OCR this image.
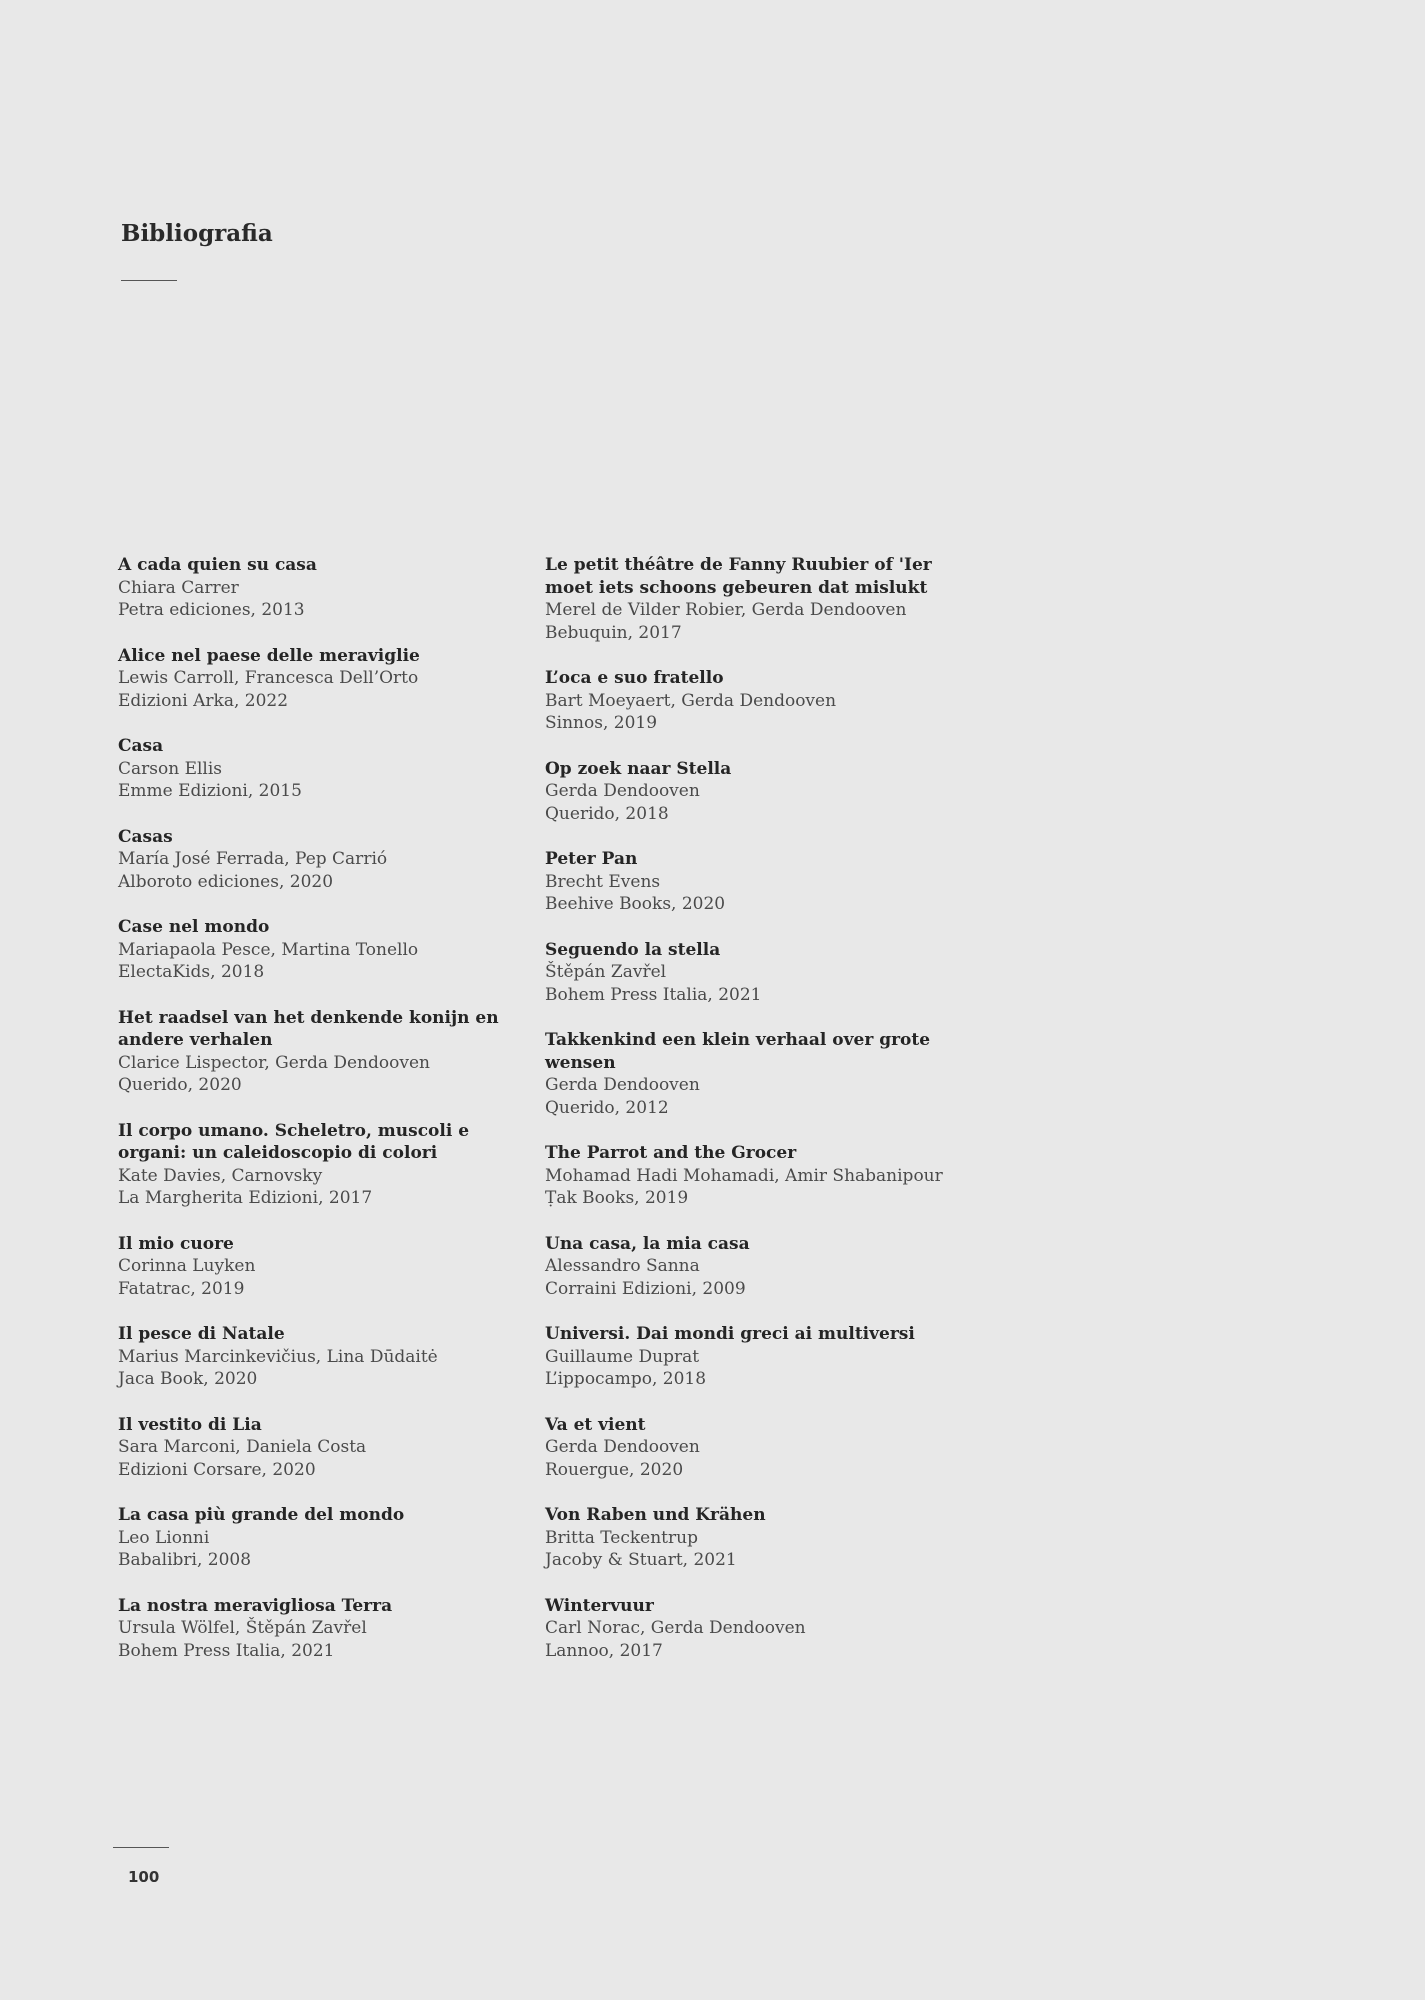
Bibliografia
A cada quien su casa
Chiara Carrer
Petra ediciones, 2013
Alice nel paese delle meraviglie
Lewis Carroll, Francesca Dell’Orto
Edizioni Arka, 2022
Casa
Carson Ellis
Emme Edizioni, 2015
Casas
María José Ferrada, Pep Carrió
Alboroto ediciones, 2020
Case nel mondo
Mariapaola Pesce, Martina Tonello
ElectaKids, 2018
Het raadsel van het denkende konijn en andere verhalen
Clarice Lispector, Gerda Dendooven
Querido, 2020
Il corpo umano. Scheletro, muscoli e organi: un caleidoscopio di colori
Kate Davies, Carnovsky
La Margherita Edizioni, 2017
Il mio cuore
Corinna Luyken
Fatatrac, 2019
Il pesce di Natale
Marius Marcinkevičius, Lina Dūdaitė
Jaca Book, 2020
Il vestito di Lia
Sara Marconi, Daniela Costa
Edizioni Corsare, 2020
La casa più grande del mondo
Leo Lionni
Babalibri, 2008
La nostra meravigliosa Terra
Ursula Wölfel, Štěpán Zavřel
Bohem Press Italia, 2021
Le petit théâtre de Fanny Ruubier of 'Ier moet iets schoons gebeuren dat mislukt
Merel de Vilder Robier, Gerda Dendooven
Bebuquin, 2017
L’oca e suo fratello
Bart Moeyaert, Gerda Dendooven
Sinnos, 2019
Op zoek naar Stella
Gerda Dendooven
Querido, 2018
Peter Pan
Brecht Evens
Beehive Books, 2020
Seguendo la stella
Štěpán Zavřel
Bohem Press Italia, 2021
Takkenkind een klein verhaal over grote wensen
Gerda Dendooven
Querido, 2012
The Parrot and the Grocer
Mohamad Hadi Mohamadi, Amir Shabanipour
Ṭak Books, 2019
Una casa, la mia casa
Alessandro Sanna
Corraini Edizioni, 2009
Universi. Dai mondi greci ai multiversi
Guillaume Duprat
L’ippocampo, 2018
Va et vient
Gerda Dendooven
Rouergue, 2020
Von Raben und Krähen
Britta Teckentrup
Jacoby & Stuart, 2021
Wintervuur
Carl Norac, Gerda Dendooven
Lannoo, 2017
100
